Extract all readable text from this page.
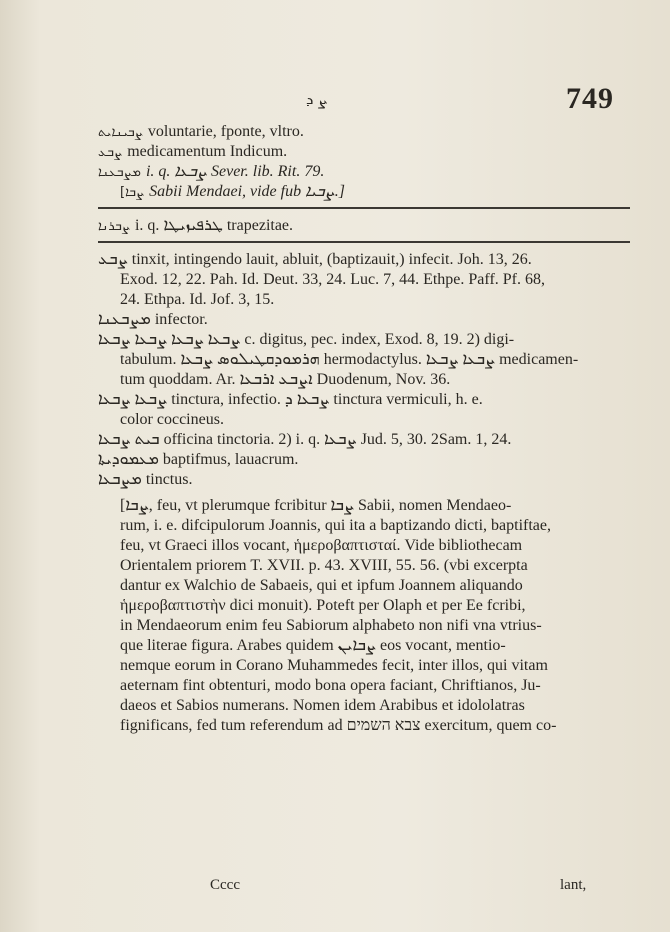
ܨ ܕ	749
ܨܒܝܢܐܝܬ voluntarie, fponte, vltro.
ܨܒܥ medicamentum Indicum.
ܡܨܒܥܢܐ i. q. ܨܒܥܐ Sever. lib. Rit. 79.
[ܨܒܐ Sabii Mendaei, vide fub ܨܒܝܐ.]
ܨܒܪܢܐ i. q. ܛܪܦܝܙܝܛܐ trapezitae.
ܨܒܥ tinxit, intingendo lauit, abluit, (baptizauit,) infecit. Joh. 13, 26.
Exod. 12, 22. Pah. Id. Deut. 33, 24. Luc. 7, 44. Ethpe. Paff. Pf. 68,
24. Ethpa. Id. Jof. 3, 15.
ܡܨܒܥܢܐ infector.
ܨܒܥܐ ܨܒܥܐ ܨܒܥܐ ܨܒܥܐ c. digitus, pec. index, Exod. 8, 19. 2) digi-
tabulum. ܗܪܡܘܕܩܛܝܠܘܣ ܨܒܥܐ hermodactylus. ܨܒܥܐ ܨܒܥܐ medicamen-
tum quoddam. Ar. ܐܨܒܥ ܐܪܒܥܐ Duodenum, Nov. 36.
ܨܒܥܐ ܨܒܥܐ tinctura, infectio. ܨܒܥܐ ܕ tinctura vermiculi, h. e.
color coccineus.
ܒܝܬ ܨܒܥܐ officina tinctoria. 2) i. q. ܨܒܥܐ Jud. 5, 30. 2Sam. 1, 24.
ܡܥܡܘܕܝܬܐ baptifmus, lauacrum.
ܡܨܒܥܐ tinctus.
[ܨܒܐ, feu, vt plerumque fcribitur ܨܒܐ Sabii, nomen Mendaeo-
rum, i. e. difcipulorum Joannis, qui ita a baptizando dicti, baptiftae,
feu, vt Graeci illos vocant, ἡμεροβαπτισταί. Vide bibliothecam
Orientalem priorem T. XVII. p. 43. XVIII, 55. 56. (vbi excerpta
dantur ex Walchio de Sabaeis, qui et ipfum Joannem aliquando
ἡμεροβαπτιστὴν dici monuit). Poteft per Olaph et per Ee fcribi,
in Mendaeorum enim feu Sabiorum alphabeto non nifi vna vtrius-
que literae figura. Arabes quidem ܨܒܐܝܢ eos vocant, mentio-
nemque eorum in Corano Muhammedes fecit, inter illos, qui vitam
aeternam fint obtenturi, modo bona opera faciant, Chriftianos, Ju-
daeos et Sabios numerans. Nomen idem Arabibus et idololatras
fignificans, fed tum referendum ad צבא השמים exercitum, quem co-
Cccc	lant,
